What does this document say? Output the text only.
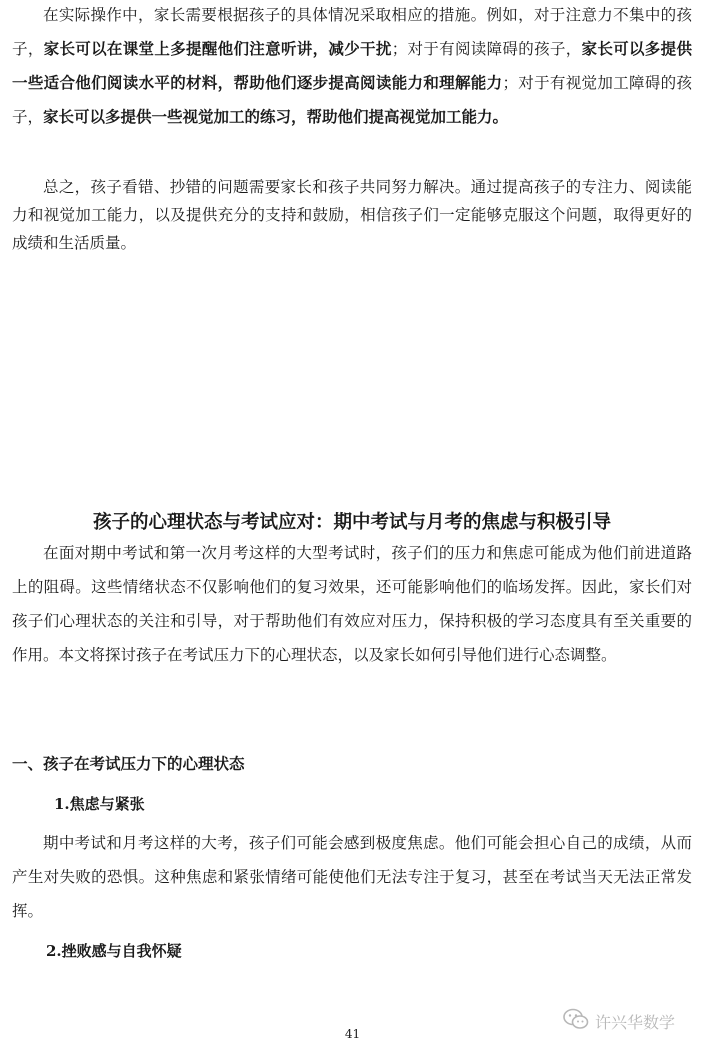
在实际操作中，家长需要根据孩子的具体情况采取相应的措施。例如，对于注意力不集中的孩子，家长可以在课堂上多提醒他们注意听讲，减少干扰；对于有阅读障碍的孩子，家长可以多提供一些适合他们阅读水平的材料，帮助他们逐步提高阅读能力和理解能力；对于有视觉加工障碍的孩子，家长可以多提供一些视觉加工的练习，帮助他们提高视觉加工能力。

总之，孩子看错、抄错的问题需要家长和孩子共同努力解决。通过提高孩子的专注力、阅读能力和视觉加工能力，以及提供充分的支持和鼓励，相信孩子们一定能够克服这个问题，取得更好的成绩和生活质量。

孩子的心理状态与考试应对：期中考试与月考的焦虑与积极引导

在面对期中考试和第一次月考这样的大型考试时，孩子们的压力和焦虑可能成为他们前进道路上的阻碍。这些情绪状态不仅影响他们的复习效果，还可能影响他们的临场发挥。因此，家长们对孩子们心理状态的关注和引导，对于帮助他们有效应对压力，保持积极的学习态度具有至关重要的作用。本文将探讨孩子在考试压力下的心理状态，以及家长如何引导他们进行心态调整。

一、孩子在考试压力下的心理状态
1.焦虑与紧张

期中考试和月考这样的大考，孩子们可能会感到极度焦虑。他们可能会担心自己的成绩，从而产生对失败的恐惧。这种焦虑和紧张情绪可能使他们无法专注于复习，甚至在考试当天无法正常发挥。

2.挫败感与自我怀疑
许兴华数学
41
